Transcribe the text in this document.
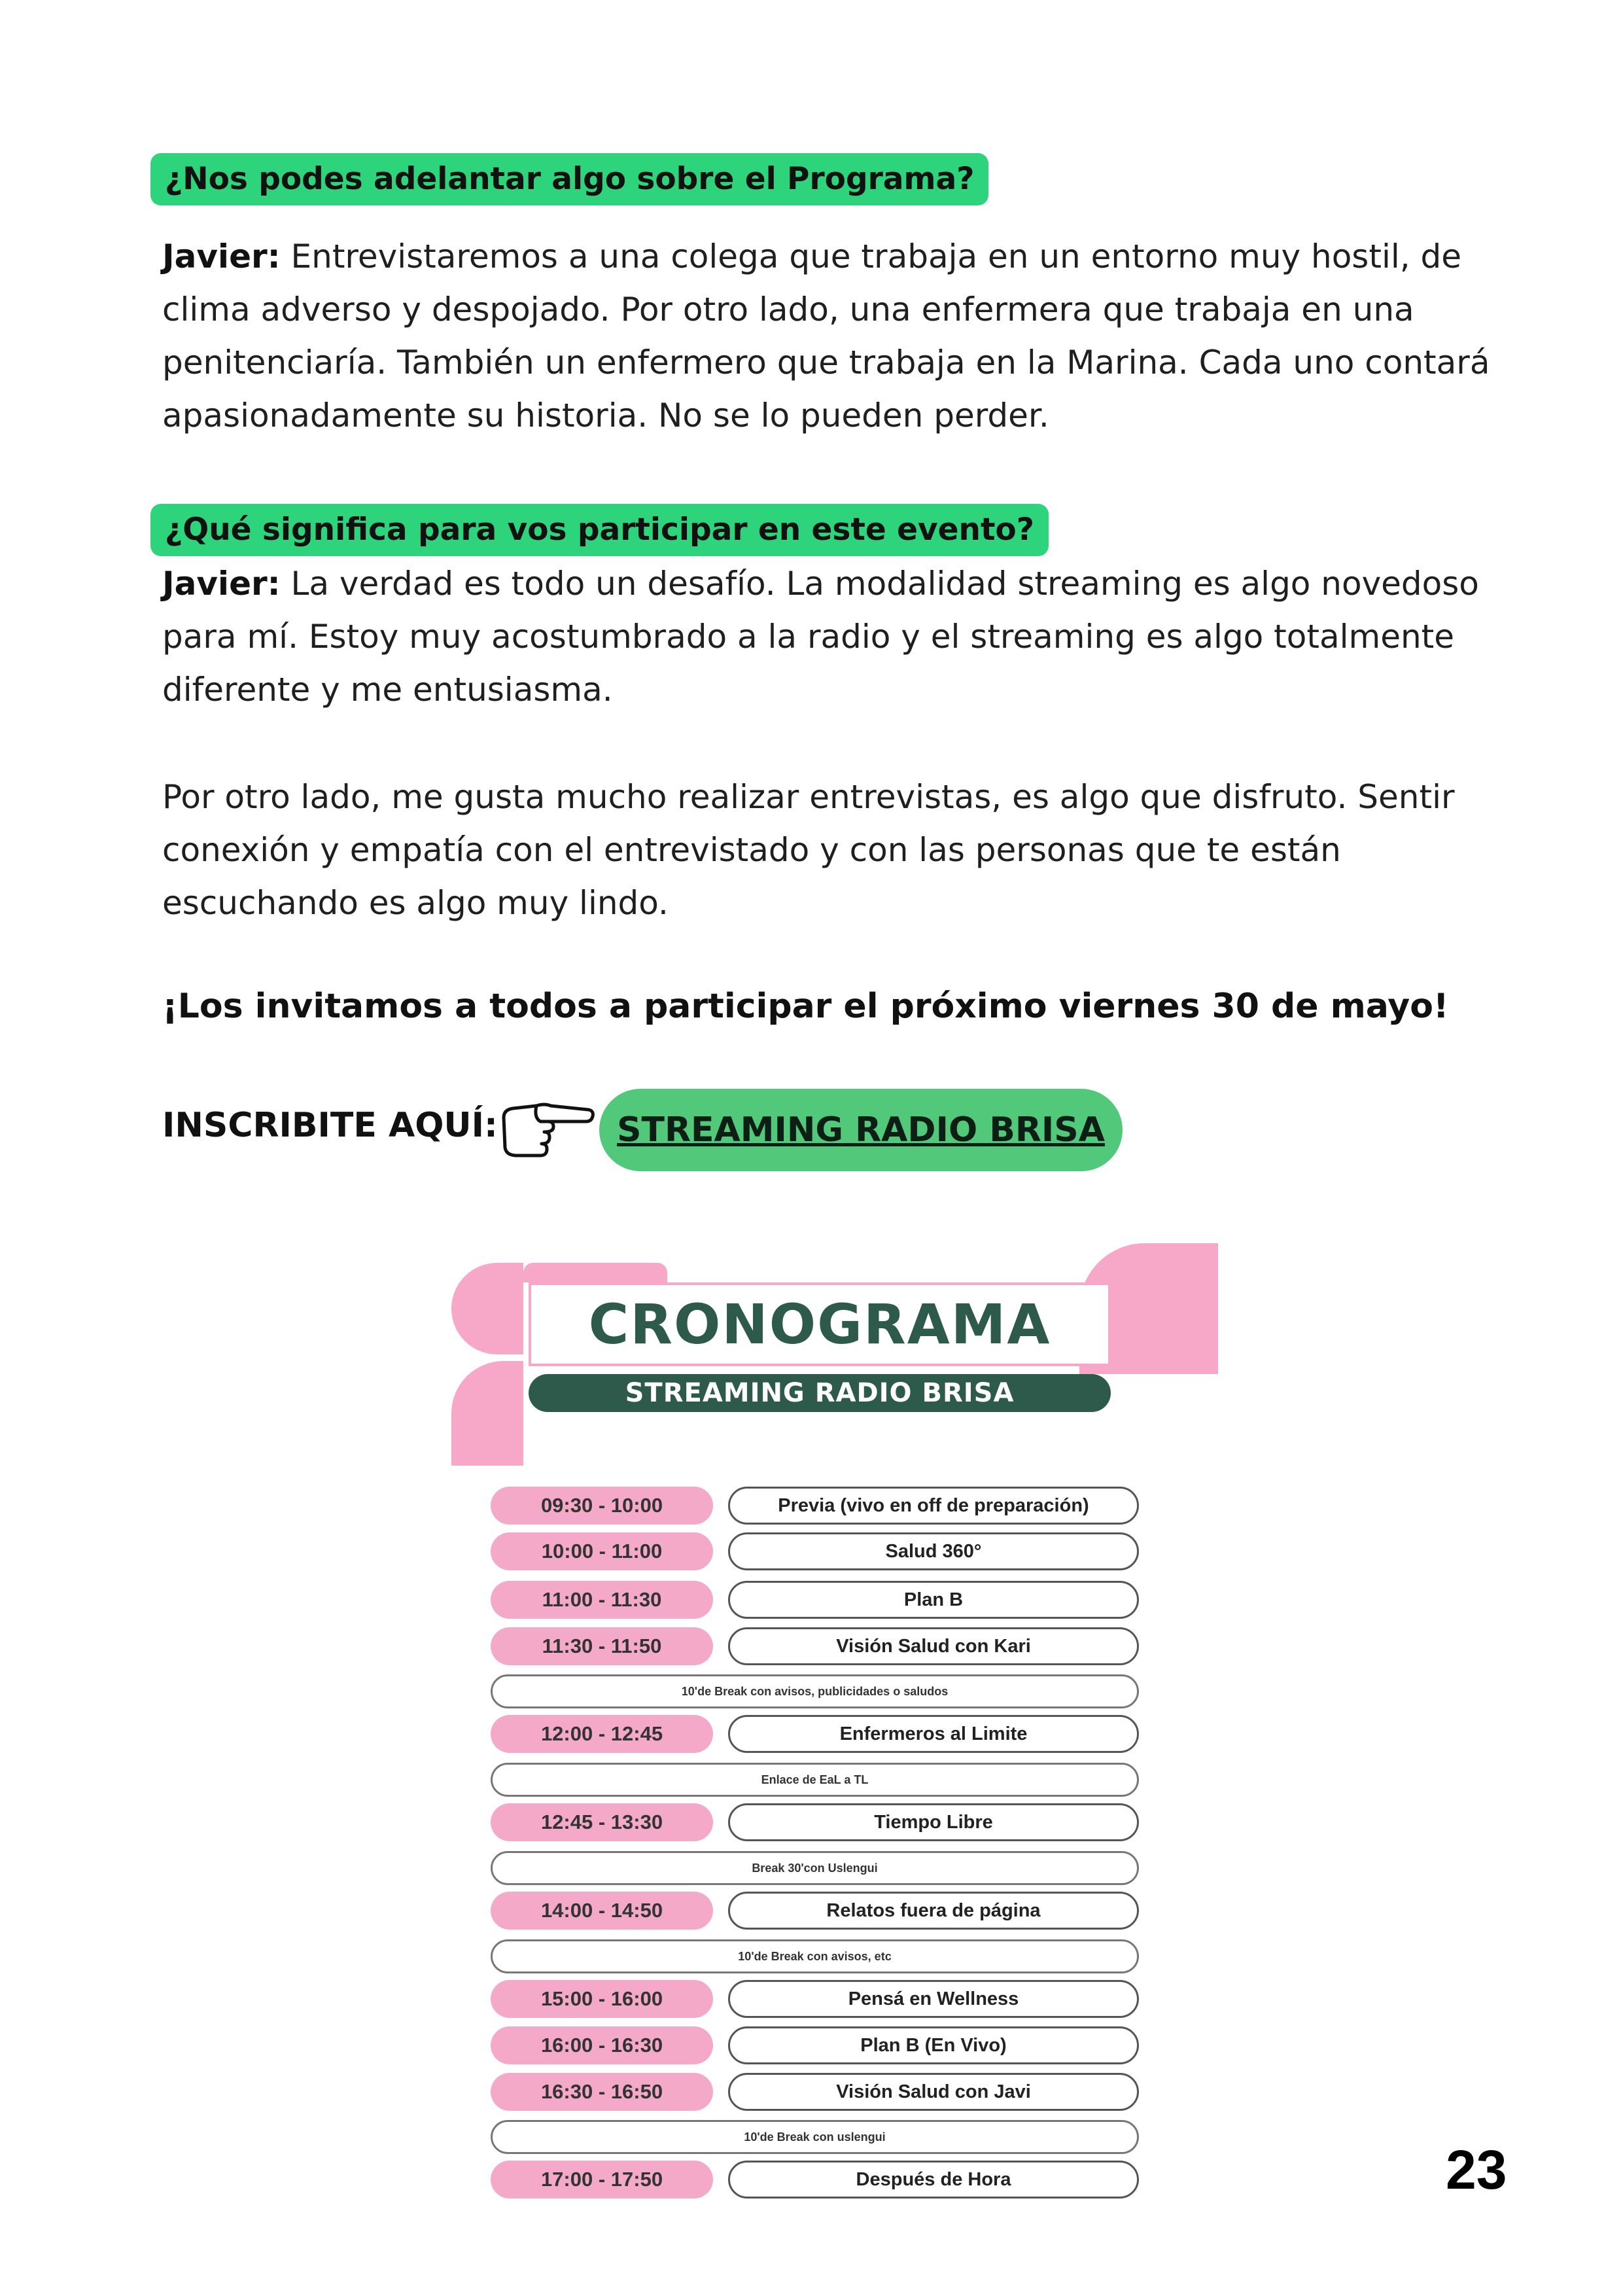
¿Nos podes adelantar algo sobre el Programa?

Javier: Entrevistaremos a una colega que trabaja en un entorno muy hostil, de clima adverso y despojado. Por otro lado, una enfermera que trabaja en una penitenciaría. También un enfermero que trabaja en la Marina. Cada uno contará apasionadamente su historia. No se lo pueden perder.

¿Qué significa para vos participar en este evento?

Javier: La verdad es todo un desafío. La modalidad streaming es algo novedoso para mí. Estoy muy acostumbrado a la radio y el streaming es algo totalmente diferente y me entusiasma.

Por otro lado, me gusta mucho realizar entrevistas, es algo que disfruto. Sentir conexión y empatía con el entrevistado y con las personas que te están escuchando es algo muy lindo.

¡Los invitamos a todos a participar el próximo viernes 30 de mayo!
INSCRIBITE AQUÍ:	STREAMING RADIO BRISA
CRONOGRAMA
STREAMING RADIO BRISA
09:30 - 10:00	Previa (vivo en off de preparación)
10:00 - 11:00	Salud 360°
11:00 - 11:30	Plan B
11:30 - 11:50	Visión Salud con Kari
10'de Break con avisos, publicidades o saludos
12:00 - 12:45	Enfermeros al Limite
Enlace de EaL a TL
12:45 - 13:30	Tiempo Libre
Break 30'con Uslengui
14:00 - 14:50	Relatos fuera de página
10'de Break con avisos, etc
15:00 - 16:00	Pensá en Wellness
16:00 - 16:30	Plan B (En Vivo)
16:30 - 16:50	Visión Salud con Javi
10'de Break con uslengui
17:00 - 17:50	Después de Hora	23
